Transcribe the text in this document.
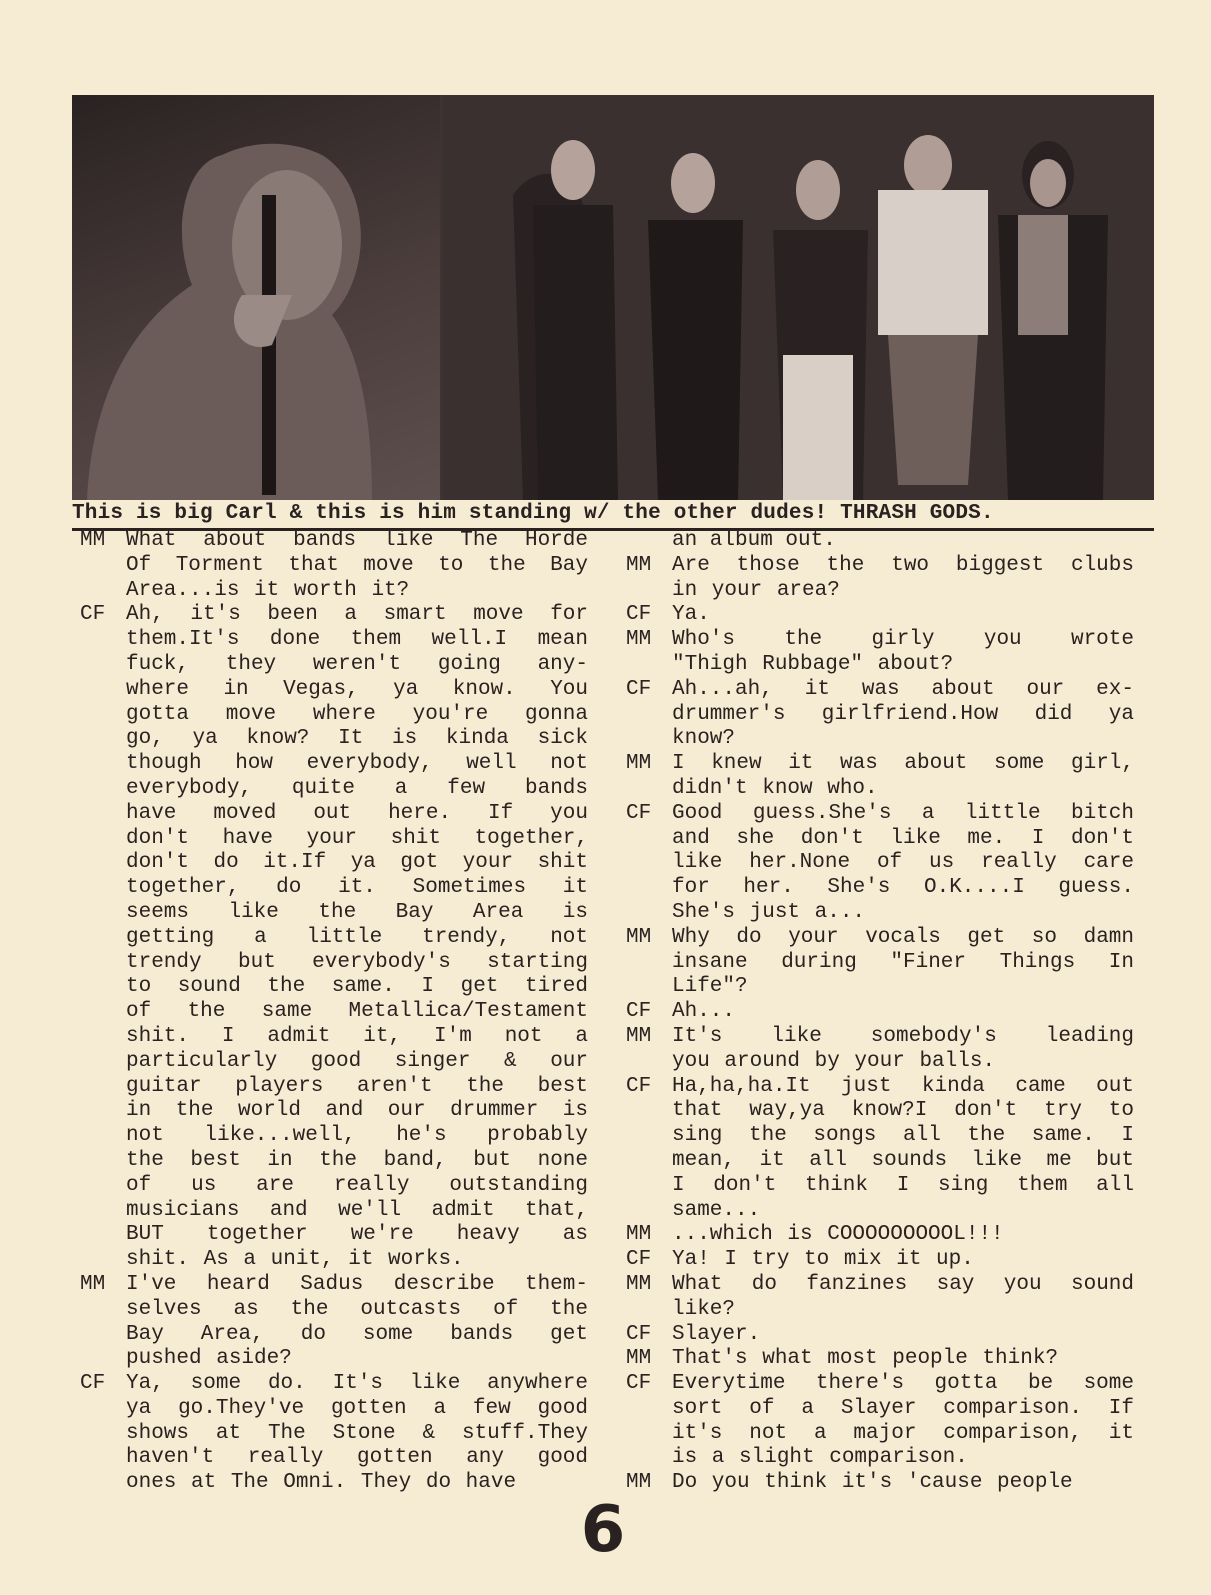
This is big Carl & this is him standing w/ the other dudes! THRASH GODS.
MM What about bands like The Horde
Of Torment that move to the Bay
Area...is it worth it?
CF Ah, it's been a smart move for
them.It's done them well.I mean
fuck, they weren't going any-
where in Vegas, ya know. You
gotta move where you're gonna
go, ya know? It is kinda sick
though how everybody, well not
everybody, quite a few bands
have moved out here. If you
don't have your shit together,
don't do it.If ya got your shit
together, do it. Sometimes it
seems like the Bay Area is
getting a little trendy, not
trendy but everybody's starting
to sound the same. I get tired
of the same Metallica/Testament
shit. I admit it, I'm not a
particularly good singer & our
guitar players aren't the best
in the world and our drummer is
not like...well, he's probably
the best in the band, but none
of us are really outstanding
musicians and we'll admit that,
BUT together we're heavy as
shit. As a unit, it works.
MM I've heard Sadus describe them-
selves as the outcasts of the
Bay Area, do some bands get
pushed aside?
CF Ya, some do. It's like anywhere
ya go.They've gotten a few good
shows at The Stone & stuff.They
haven't really gotten any good
ones at The Omni. They do have
an album out.
MM Are those the two biggest clubs
in your area?
CF Ya.
MM Who's the girly you wrote
"Thigh Rubbage" about?
CF Ah...ah, it was about our ex-
drummer's girlfriend.How did ya
know?
MM I knew it was about some girl,
didn't know who.
CF Good guess.She's a little bitch
and she don't like me. I don't
like her.None of us really care
for her. She's O.K....I guess.
She's just a...
MM Why do your vocals get so damn
insane during "Finer Things In
Life"?
CF Ah...
MM It's like somebody's leading
you around by your balls.
CF Ha,ha,ha.It just kinda came out
that way,ya know?I don't try to
sing the songs all the same. I
mean, it all sounds like me but
I don't think I sing them all
same...
MM ...which is COOOOOOOOOL!!!
CF Ya! I try to mix it up.
MM What do fanzines say you sound
like?
CF Slayer.
MM That's what most people think?
CF Everytime there's gotta be some
sort of a Slayer comparison. If
it's not a major comparison, it
is a slight comparison.
MM Do you think it's 'cause people
6
